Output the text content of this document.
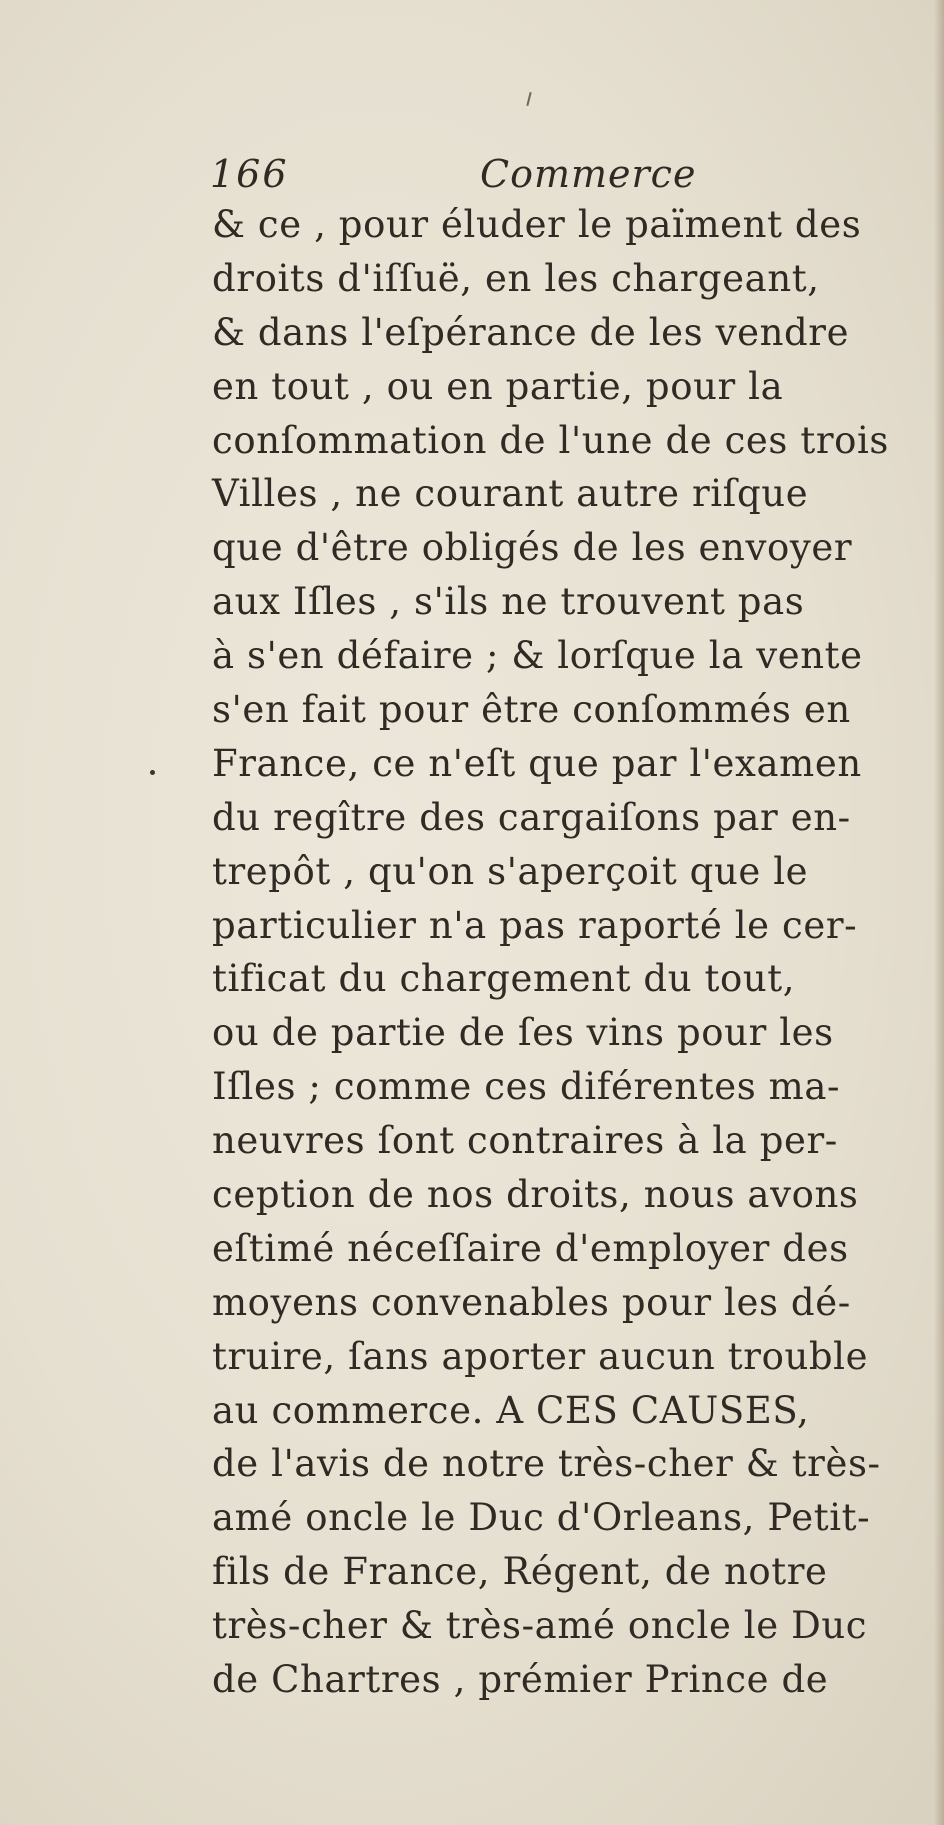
166	Commerce
& ce , pour éluder le païment des
droits d'iſſuë, en les chargeant,
& dans l'eſpérance de les vendre
en tout , ou en partie, pour la
conſommation de l'une de ces trois
Villes , ne courant autre riſque
que d'être obligés de les envoyer
aux Iſles , s'ils ne trouvent pas
à s'en défaire ; & lorſque la vente
s'en fait pour être conſommés en
France, ce n'eſt que par l'examen
du regître des cargaiſons par en-
trepôt , qu'on s'aperçoit que le
particulier n'a pas raporté le cer-
tificat du chargement du tout,
ou de partie de ſes vins pour les
Iſles ; comme ces diférentes ma-
neuvres ſont contraires à la per-
ception de nos droits, nous avons
eſtimé néceſſaire d'employer des
moyens convenables pour les dé-
truire, ſans aporter aucun trouble
au commerce. A CES CAUSES,
de l'avis de notre très-cher & très-
amé oncle le Duc d'Orleans, Petit-
fils de France, Régent, de notre
très-cher & très-amé oncle le Duc
de Chartres , prémier Prince de
